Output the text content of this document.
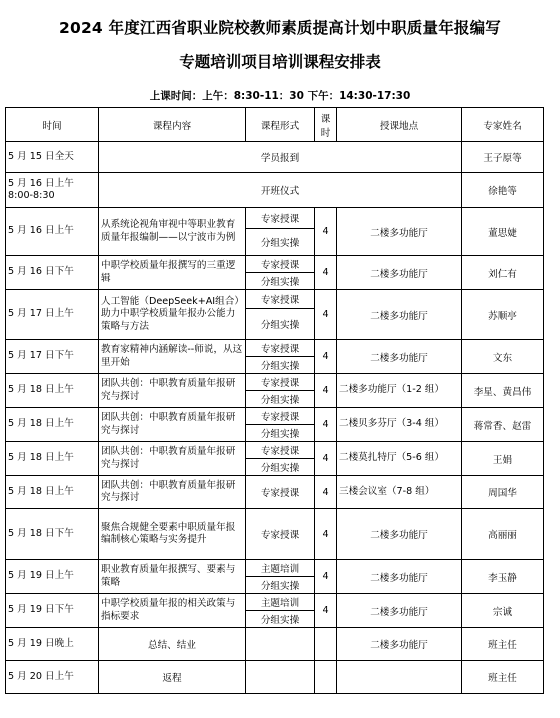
2024 年度江西省职业院校教师素质提高计划中职质量年报编写
专题培训项目培训课程安排表
上课时间：上午：8:30-11：30 下午：14:30-17:30
时间	课程内容	课程形式	课时	授课地点	专家姓名
5 月 15 日全天	学员报到				王子原等
5 月 16 日上午 8:00-8:30	开班仪式				徐艳等
5 月 16 日上午	从系统论视角审视中等职业教育质量年报编制——以宁波市为例	专家授课	4	二楼多功能厅	董思婕
		分组实操			
5 月 16 日下午	中职学校质量年报撰写的三重逻辑	专家授课	4	二楼多功能厅	刘仁有
		分组实操			
5 月 17 日上午	人工智能（DeepSeek+AI组合）助力中职学校质量年报办公能力策略与方法	专家授课	4	二楼多功能厅	苏顺亭
		分组实操			
5 月 17 日下午	教育家精神内涵解读--师说，从这里开始	专家授课	4	二楼多功能厅	文东
		分组实操			
5 月 18 日上午	团队共创：中职教育质量年报研究与探讨	专家授课	4	二楼多功能厅（1-2 组）	李星、黄昌伟
		分组实操			
5 月 18 日上午	团队共创：中职教育质量年报研究与探讨	专家授课	4	二楼贝多芬厅（3-4 组）	蒋常香、赵雷
		分组实操			
5 月 18 日上午	团队共创：中职教育质量年报研究与探讨	专家授课	4	二楼莫扎特厅（5-6 组）	王娟
		分组实操			
5 月 18 日上午	团队共创：中职教育质量年报研究与探讨	专家授课	4	三楼会议室（7-8 组）	周国华
5 月 18 日下午	聚焦合规健全要素中职质量年报编制核心策略与实务提升	专家授课	4	二楼多功能厅	高丽丽
5 月 19 日上午	职业教育质量年报撰写、要素与策略	主题培训	4	二楼多功能厅	李玉静
		分组实操			
5 月 19 日下午	中职学校质量年报的相关政策与指标要求	主题培训	4	二楼多功能厅	宗诚
		分组实操			
5 月 19 日晚上	总结、结业			二楼多功能厅	班主任
5 月 20 日上午	返程				班主任
